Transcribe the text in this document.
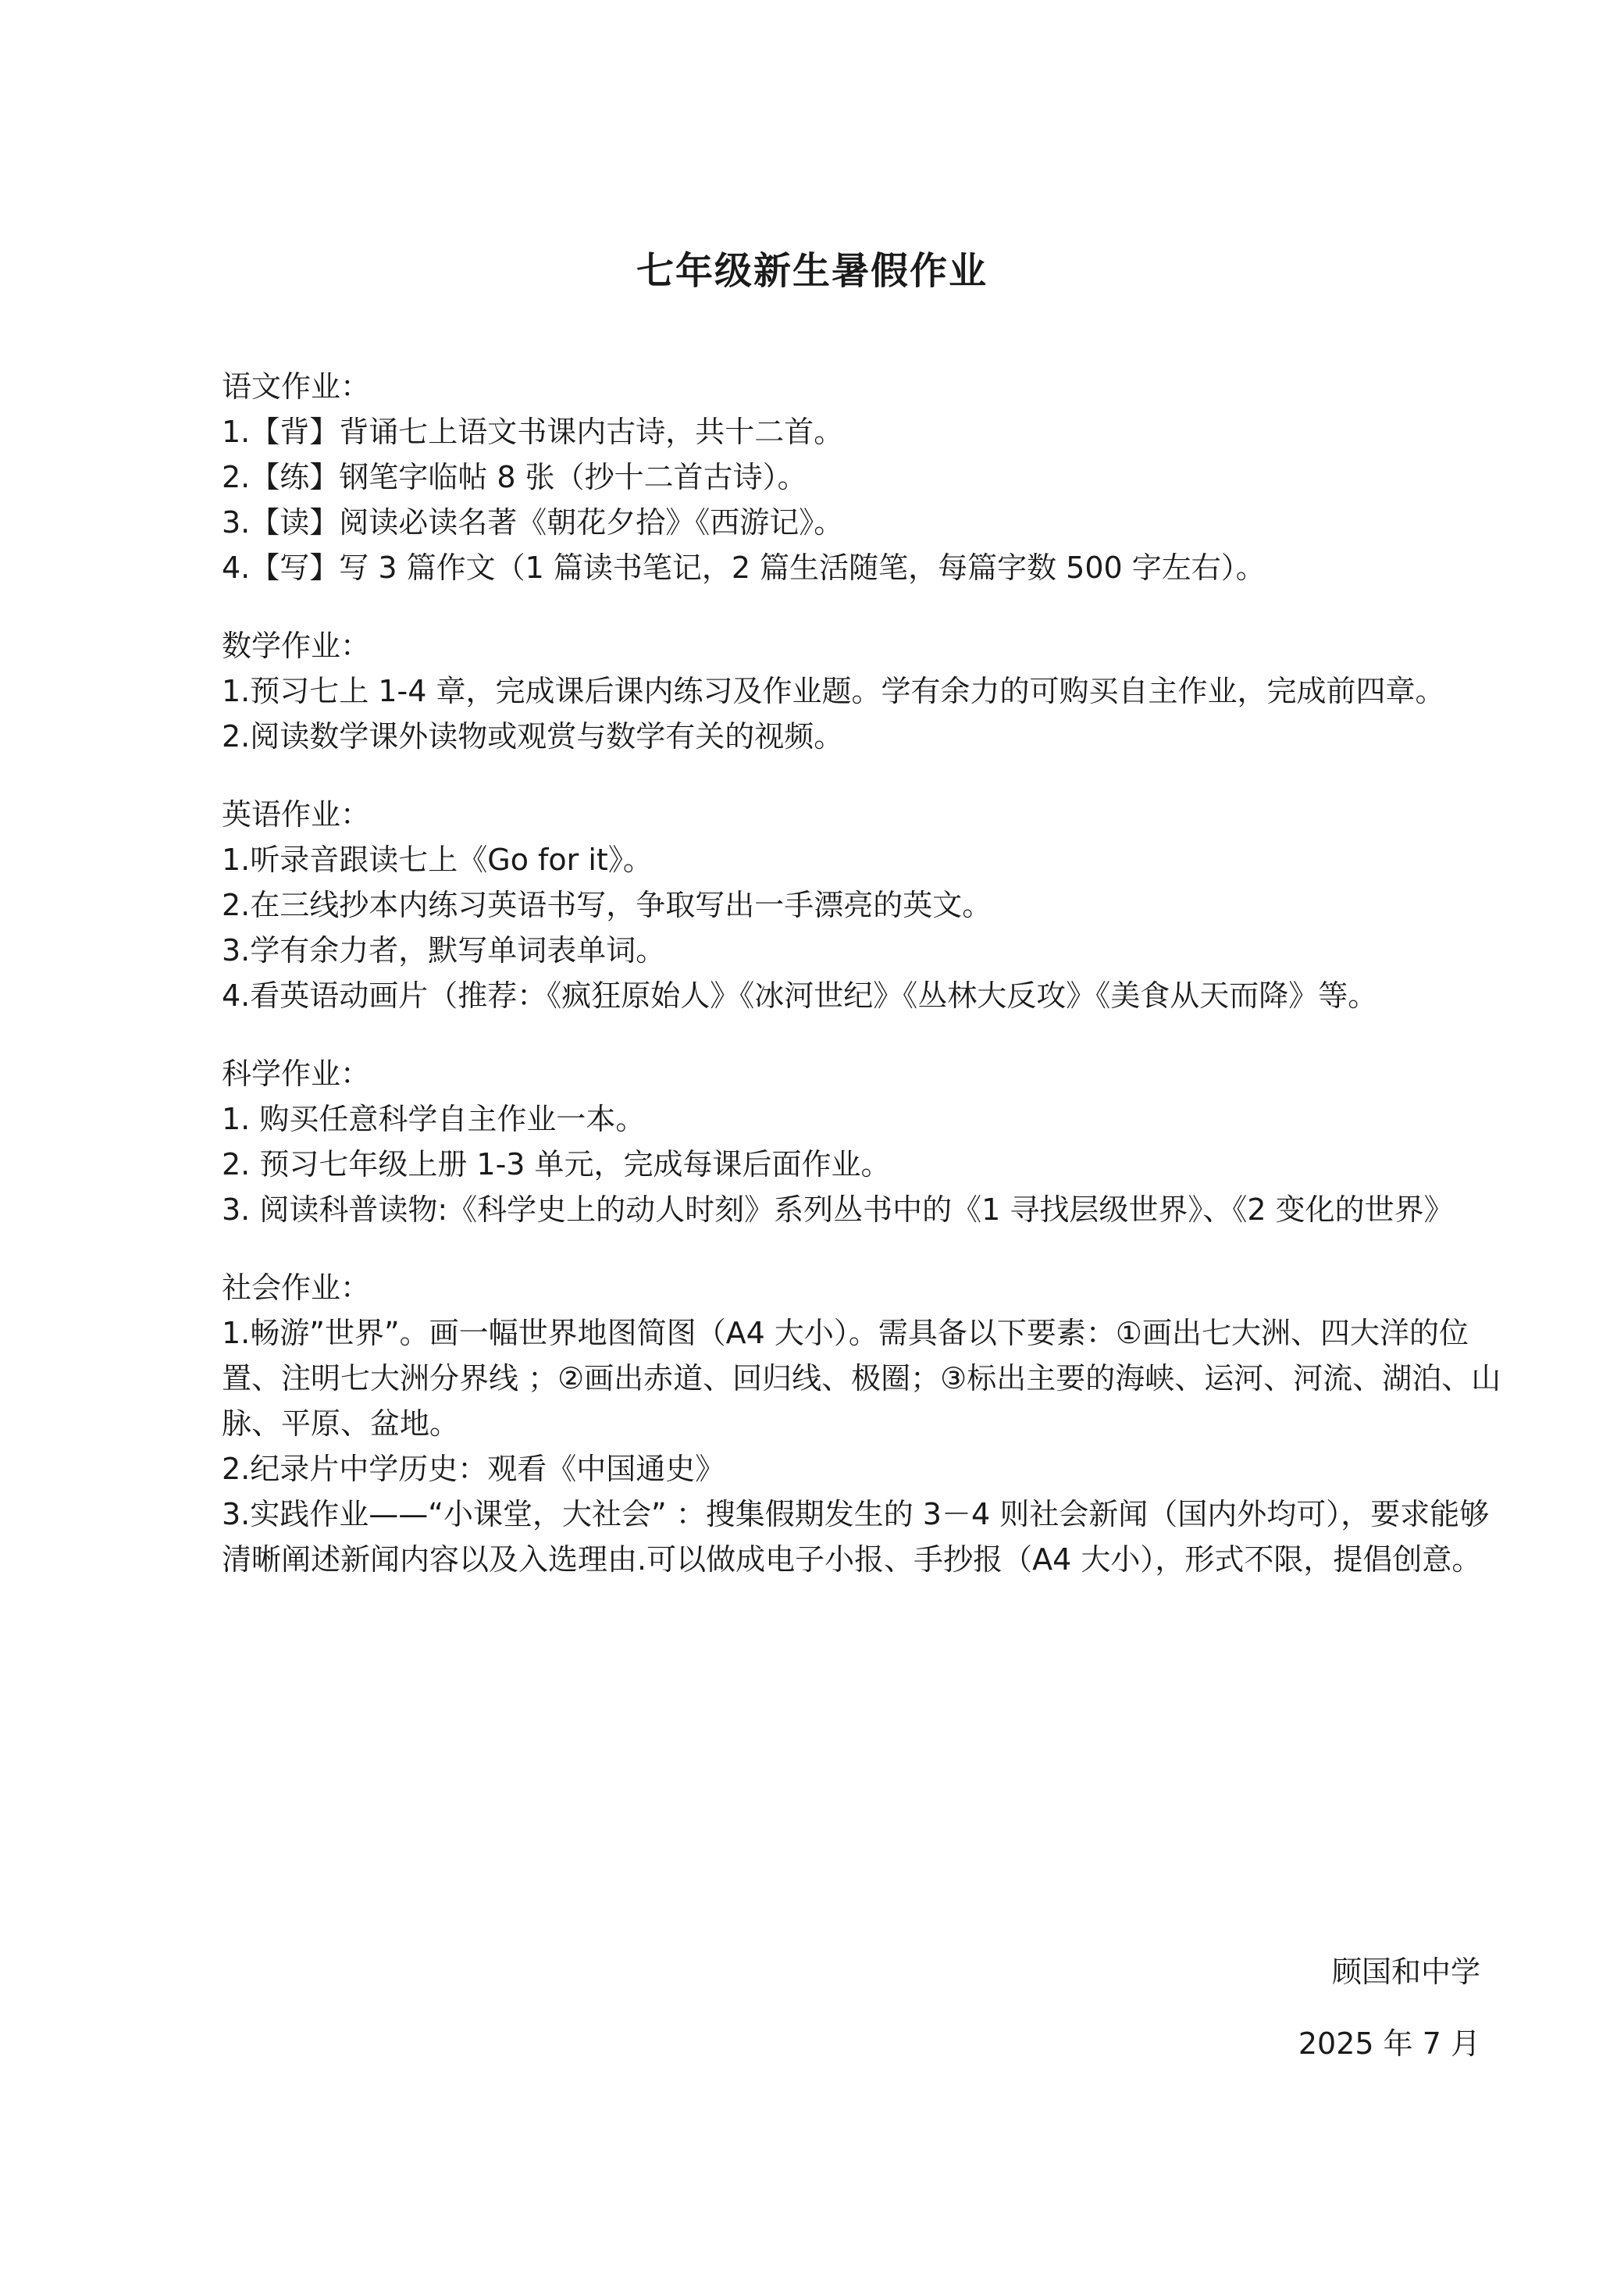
七年级新生暑假作业

语文作业：

1.【背】背诵七上语文书课内古诗，共十二首。

2.【练】钢笔字临帖 8 张（抄十二首古诗）。

3.【读】阅读必读名著《朝花夕拾》《西游记》。

4.【写】写 3 篇作文（1 篇读书笔记，2 篇生活随笔，每篇字数 500 字左右）。

数学作业：

1.预习七上 1-4 章，完成课后课内练习及作业题。学有余力的可购买自主作业，完成前四章。

2.阅读数学课外读物或观赏与数学有关的视频。

英语作业：

1.听录音跟读七上《Go for it》。

2.在三线抄本内练习英语书写，争取写出一手漂亮的英文。

3.学有余力者，默写单词表单词。

4.看英语动画片（推荐：《疯狂原始人》《冰河世纪》《丛林大反攻》《美食从天而降》等。

科学作业：

1. 购买任意科学自主作业一本。

2. 预习七年级上册 1-3 单元，完成每课后面作业。

3. 阅读科普读物:《科学史上的动人时刻》系列丛书中的《1 寻找层级世界》、《2 变化的世界》

社会作业：

1.畅游”世界”。画一幅世界地图简图（A4 大小）。需具备以下要素：①画出七大洲、四大洋的位置、注明七大洲分界线 ；②画出赤道、回归线、极圈；③标出主要的海峡、运河、河流、湖泊、山脉、平原、盆地。

2.纪录片中学历史：观看《中国通史》

3.实践作业——“小课堂，大社会” ：搜集假期发生的 3－4 则社会新闻（国内外均可），要求能够清晰阐述新闻内容以及入选理由.可以做成电子小报、手抄报（A4 大小），形式不限，提倡创意。

顾国和中学
2025 年 7 月
